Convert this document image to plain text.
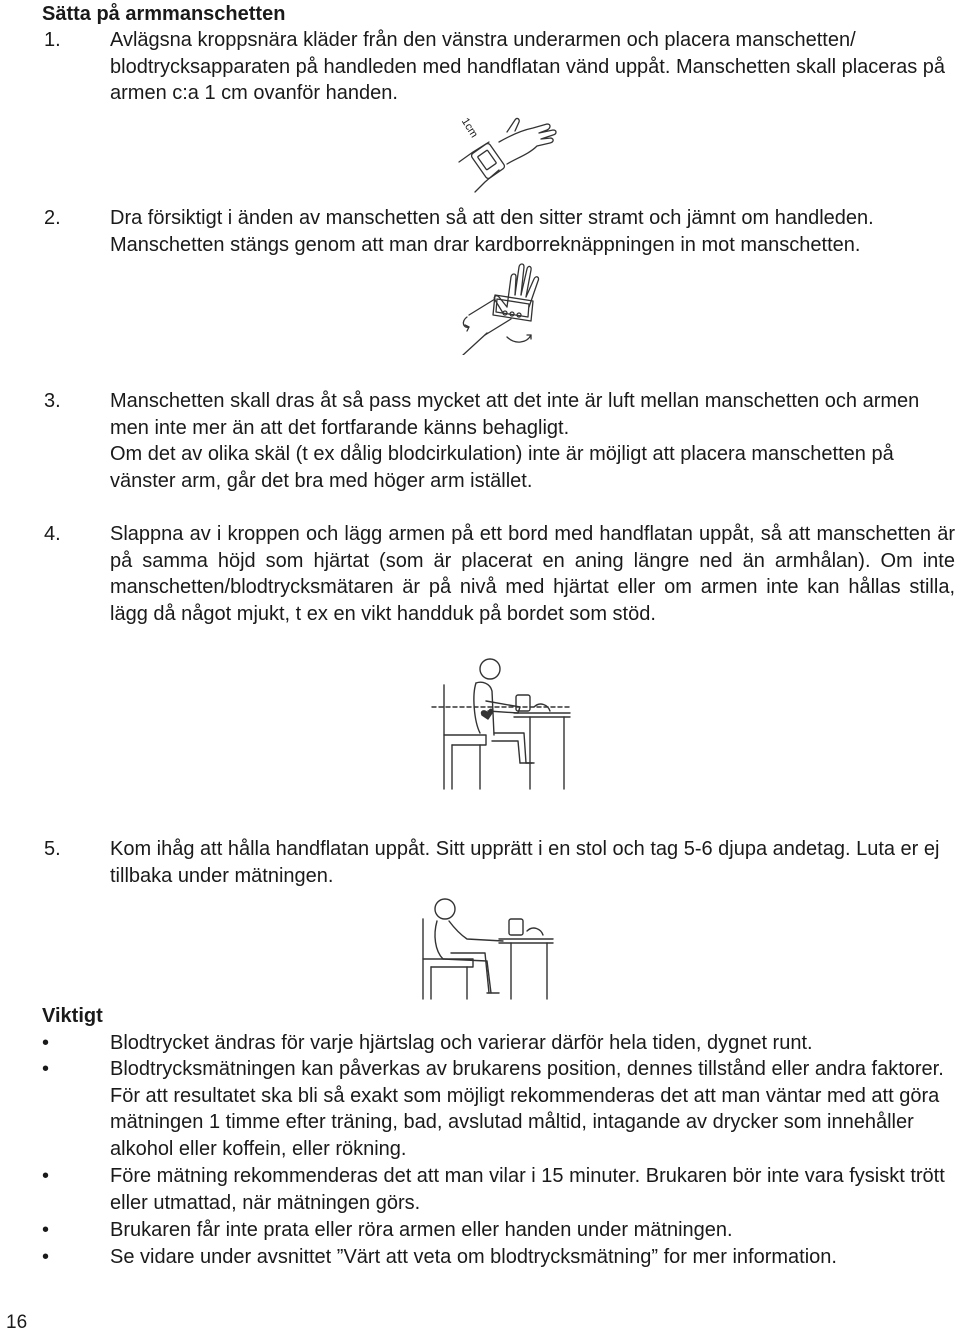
Sätta på armmanschetten
1. Avlägsna kroppsnära kläder från den vänstra underarmen och placera manschetten/ blodtrycksapparaten på handleden med handflatan vänd uppåt. Manschetten skall placeras på armen c:a 1 cm ovanför handen.
1cm
2. Dra försiktigt i änden av manschetten så att den sitter stramt och jämnt om handleden. Manschetten stängs genom att man drar kardborreknäppningen in mot manschetten.
3. Manschetten skall dras åt så pass mycket att det inte är luft mellan manschetten och armen men inte mer än att det fortfarande känns behagligt.
Om det av olika skäl (t ex dålig blodcirkulation) inte är möjligt att placera manschetten på vänster arm, går det bra med höger arm istället.
4. Slappna av i kroppen och lägg armen på ett bord med handflatan uppåt, så att manschetten är på samma höjd som hjärtat (som är placerat en aning längre ned än armhålan). Om inte manschetten/blodtrycksmätaren är på nivå med hjärtat eller om armen inte kan hållas stilla, lägg då något mjukt, t ex en vikt handduk på bordet som stöd.
5. Kom ihåg att hålla handflatan uppåt. Sitt upprätt i en stol och tag 5-6 djupa andetag. Luta er ej tillbaka under mätningen.
Viktigt
•	Blodtrycket ändras för varje hjärtslag och varierar därför hela tiden, dygnet runt.
•	Blodtrycksmätningen kan påverkas av brukarens position, dennes tillstånd eller andra faktorer. För att resultatet ska bli så exakt som möjligt rekommenderas det att man väntar med att göra mätningen 1 timme efter träning, bad, avslutad måltid, intagande av drycker som innehåller alkohol eller koffein, eller rökning.
•	Före mätning rekommenderas det att man vilar i 15 minuter. Brukaren bör inte vara fysiskt trött eller utmattad, när mätningen görs.
•	Brukaren får inte prata eller röra armen eller handen under mätningen.
•	Se vidare under avsnittet ”Värt att veta om blodtrycksmätning” for mer information.
16
